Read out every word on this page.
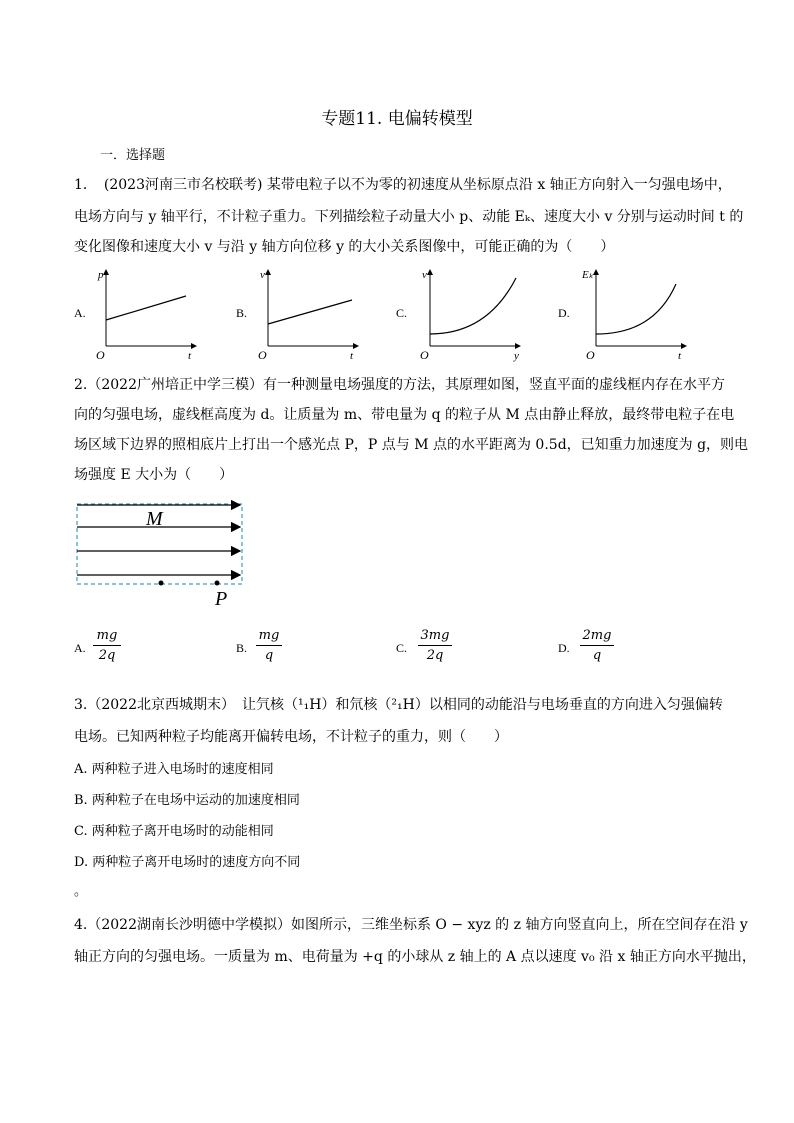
专题11. 电偏转模型
一．选择题
1．　(2023河南三市名校联考) 某带电粒子以不为零的初速度从坐标原点沿 x 轴正方向射入一匀强电场中，
电场方向与 y 轴平行，不计粒子重力。下列描绘粒子动量大小 p、动能 Eₖ、速度大小 v 分别与运动时间 t 的
变化图像和速度大小 v 与沿 y 轴方向位移 y 的大小关系图像中，可能正确的为（　　）
A.
p
t
O
B.
v
t
O
C.
v
y
O
D.
Eₖ
t
O
2.（2022广州培正中学三模）有一种测量电场强度的方法，其原理如图，竖直平面的虚线框内存在水平方
向的匀强电场，虚线框高度为 d。让质量为 m、带电量为 q 的粒子从 M 点由静止释放，最终带电粒子在电
场区域下边界的照相底片上打出一个感光点 P，P 点与 M 点的水平距离为 0.5d，已知重力加速度为 g，则电
场强度 E 大小为（　　）
M
P
A.
mg
2q	B.
mg
q	C.
3mg
2q	D.
2mg
q
3.（2022北京西城期末）　让氕核（¹₁H）和氘核（²₁H）以相同的动能沿与电场垂直的方向进入匀强偏转
电场。已知两种粒子均能离开偏转电场，不计粒子的重力，则（　　）
A. 两种粒子进入电场时的速度相同
B. 两种粒子在电场中运动的加速度相同
C. 两种粒子离开电场时的动能相同
D. 两种粒子离开电场时的速度方向不同
。
4.（2022湖南长沙明德中学模拟）如图所示，三维坐标系 O − xyz 的 z 轴方向竖直向上，所在空间存在沿 y
轴正方向的匀强电场。一质量为 m、电荷量为 +q 的小球从 z 轴上的 A 点以速度 v₀ 沿 x 轴正方向水平抛出，
